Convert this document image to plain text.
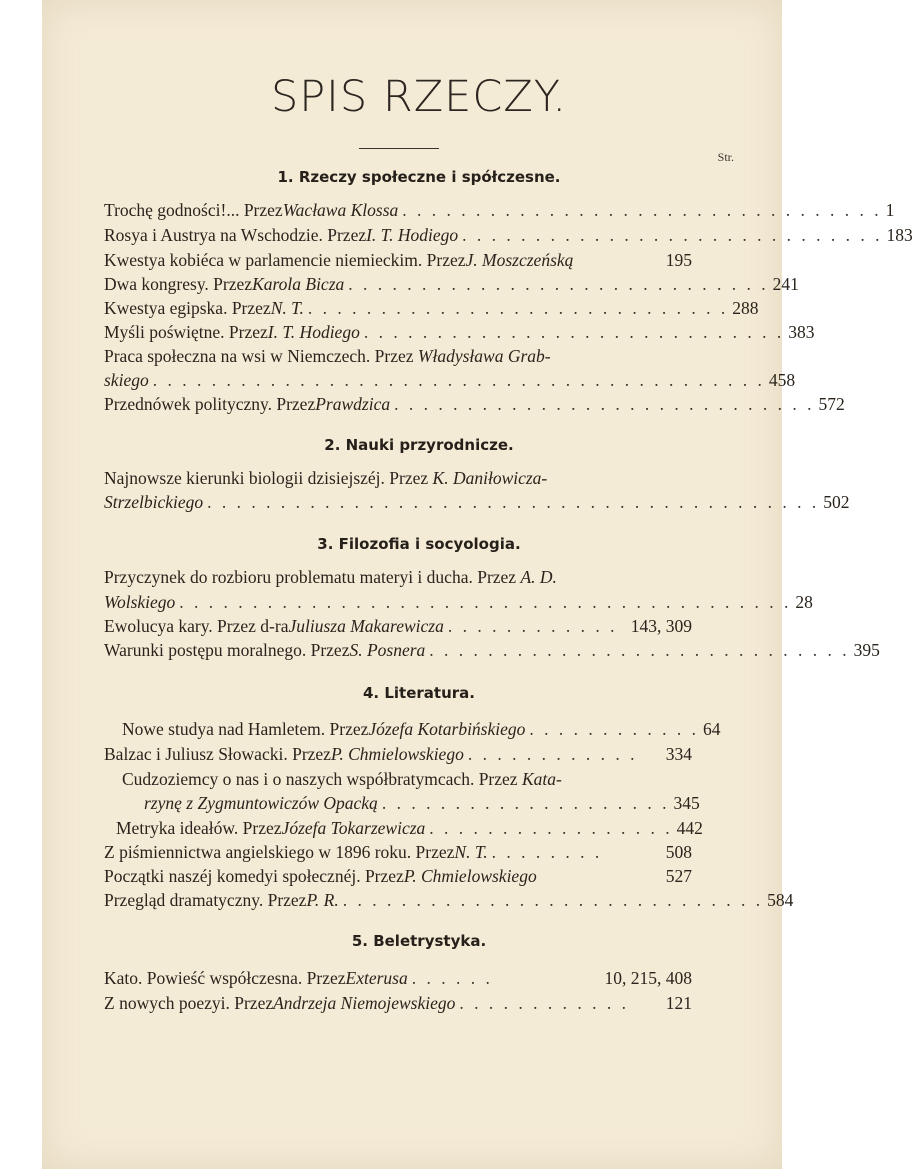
SPIS RZECZY.
Str.
1. Rzeczy społeczne i spółczesne.
Trochę godności!... Przez Wacława Klossa . . . . . . . . . . . . . . . . . . . . . . . . . . . . . . . . . 1
Rosya i Austrya na Wschodzie. Przez I. T. Hodiego . . . . . . . . . . . . . . . . . . . . . . . . . . . . . 183
Kwestya kobiéca w parlamencie niemieckim. Przez J. Moszczeńską	195
Dwa kongresy. Przez Karola Bicza . . . . . . . . . . . . . . . . . . . . . . . . . . . . . 241
Kwestya egipska. Przez N. T. . . . . . . . . . . . . . . . . . . . . . . . . . . . . . 288
Myśli poświętne. Przez I. T. Hodiego . . . . . . . . . . . . . . . . . . . . . . . . . . . . . 383
Praca społeczna na wsi w Niemczech. Przez Władysława Grab-
skiego . . . . . . . . . . . . . . . . . . . . . . . . . . . . . . . . . . . . . . . . . . 458
Przednówek polityczny. Przez Prawdzica . . . . . . . . . . . . . . . . . . . . . . . . . . . . . 572
2. Nauki przyrodnicze.
Najnowsze kierunki biologii dzisiejszéj. Przez K. Daniłowicza-
Strzelbickiego . . . . . . . . . . . . . . . . . . . . . . . . . . . . . . . . . . . . . . . . . . 502
3. Filozofia i socyologia.
Przyczynek do rozbioru problematu materyi i ducha. Przez A. D.
Wolskiego . . . . . . . . . . . . . . . . . . . . . . . . . . . . . . . . . . . . . . . . . . 28
Ewolucya kary. Przez d-ra Juliusza Makarewicza . . . . . . . . . . . . 143, 309
Warunki postępu moralnego. Przez S. Posnera . . . . . . . . . . . . . . . . . . . . . . . . . . . . . 395
4. Literatura.
Nowe studya nad Hamletem. Przez Józefa Kotarbińskiego . . . . . . . . . . . . 64
Balzac i Juliusz Słowacki. Przez P. Chmielowskiego . . . . . . . . . . . .	334
Cudzoziemcy o nas i o naszych współbratymcach. Przez Kata-
rzynę z Zygmuntowiczów Opacką . . . . . . . . . . . . . . . . . . . . 345
Metryka ideałów. Przez Józefa Tokarzewicza . . . . . . . . . . . . . . . . . 442
Z piśmiennictwa angielskiego w 1896 roku. Przez N. T. . . . . . . . .	508
Początki naszéj komedyi społecznéj. Przez P. Chmielowskiego	527
Przegląd dramatyczny. Przez P. R. . . . . . . . . . . . . . . . . . . . . . . . . . . . . . 584
5. Beletrystyka.
Kato. Powieść współczesna. Przez Exterusa . . . . . .	10, 215, 408
Z nowych poezyi. Przez Andrzeja Niemojewskiego . . . . . . . . . . . .	121
